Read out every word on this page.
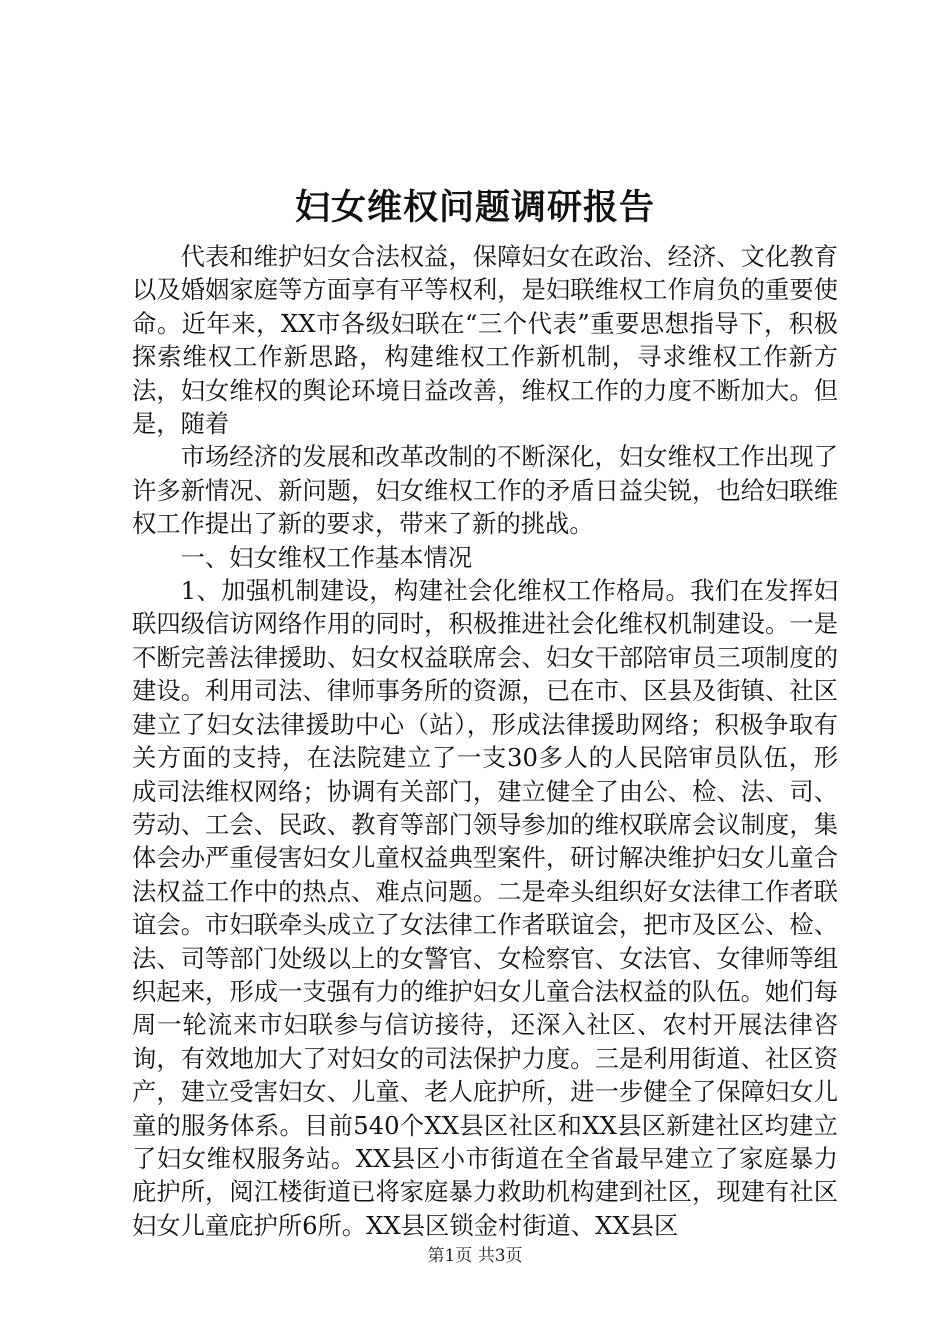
妇女维权问题调研报告

代表和维护妇女合法权益，保障妇女在政治、经济、文化教育以及婚姻家庭等方面享有平等权利，是妇联维权工作肩负的重要使命。近年来，XX市各级妇联在“三个代表”重要思想指导下，积极探索维权工作新思路，构建维权工作新机制，寻求维权工作新方法，妇女维权的舆论环境日益改善，维权工作的力度不断加大。但是，随着

市场经济的发展和改革改制的不断深化，妇女维权工作出现了许多新情况、新问题，妇女维权工作的矛盾日益尖锐，也给妇联维权工作提出了新的要求，带来了新的挑战。

一、妇女维权工作基本情况

1、加强机制建设，构建社会化维权工作格局。我们在发挥妇联四级信访网络作用的同时，积极推进社会化维权机制建设。一是不断完善法律援助、妇女权益联席会、妇女干部陪审员三项制度的建设。利用司法、律师事务所的资源，已在市、区县及街镇、社区建立了妇女法律援助中心（站），形成法律援助网络；积极争取有关方面的支持，在法院建立了一支30多人的人民陪审员队伍，形成司法维权网络；协调有关部门，建立健全了由公、检、法、司、劳动、工会、民政、教育等部门领导参加的维权联席会议制度，集体会办严重侵害妇女儿童权益典型案件，研讨解决维护妇女儿童合法权益工作中的热点、难点问题。二是牵头组织好女法律工作者联谊会。市妇联牵头成立了女法律工作者联谊会，把市及区公、检、法、司等部门处级以上的女警官、女检察官、女法官、女律师等组织起来，形成一支强有力的维护妇女儿童合法权益的队伍。她们每周一轮流来市妇联参与信访接待，还深入社区、农村开展法律咨询，有效地加大了对妇女的司法保护力度。三是利用街道、社区资产，建立受害妇女、儿童、老人庇护所，进一步健全了保障妇女儿童的服务体系。目前540个XX县区社区和XX县区新建社区均建立了妇女维权服务站。XX县区小市街道在全省最早建立了家庭暴力庇护所，阅江楼街道已将家庭暴力救助机构建到社区，现建有社区妇女儿童庇护所6所。XX县区锁金村街道、XX县区

第1页 共3页
